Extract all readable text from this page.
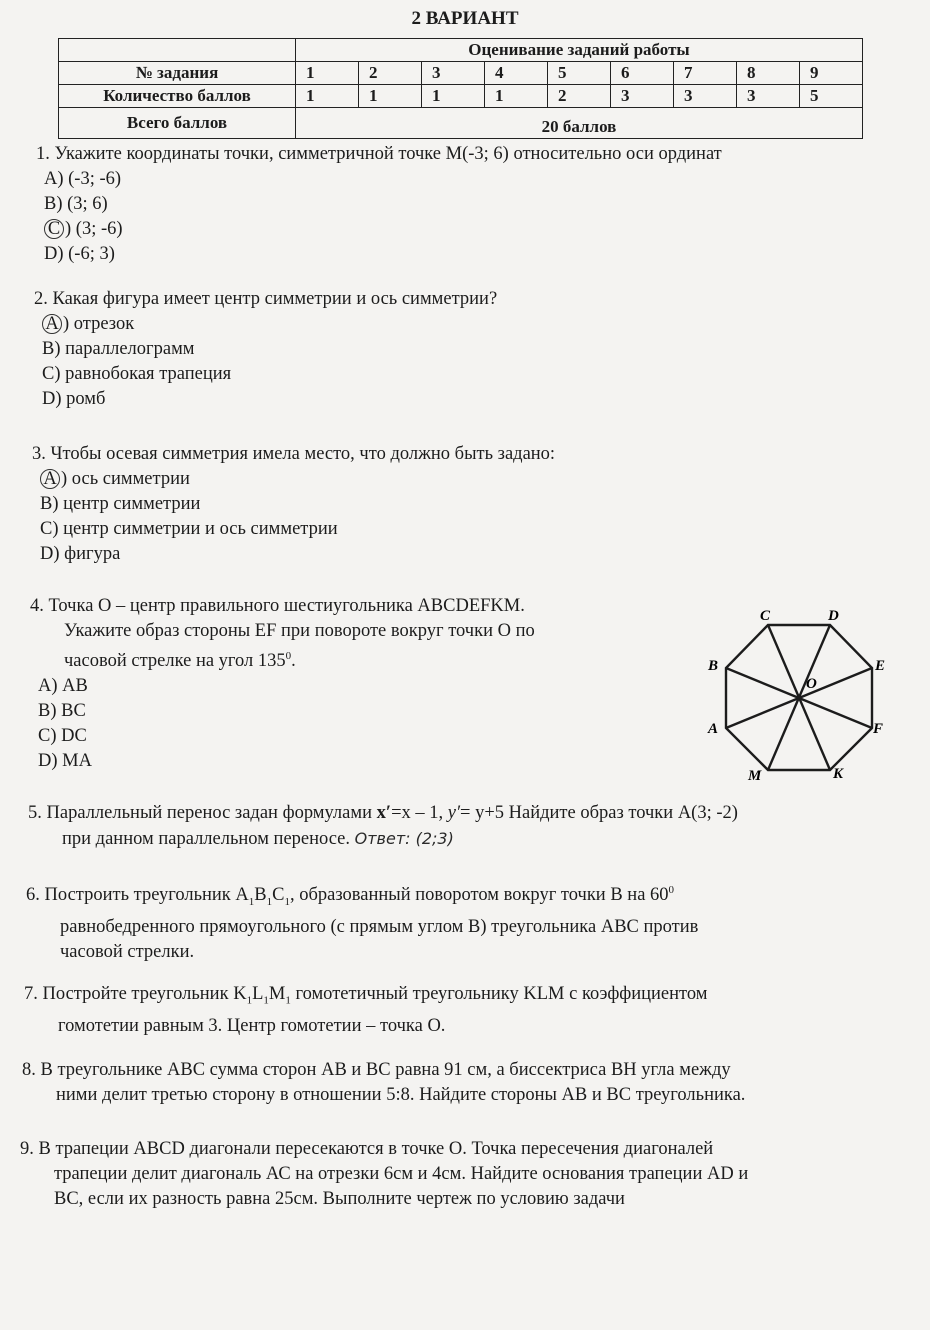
2 ВАРИАНТ
	Оценивание заданий работы								
№ задания	1	2	3	4	5	6	7	8	9
Количество баллов	1	1	1	1	2	3	3	3	5
Всего баллов	20 баллов								
1. Укажите координаты точки, симметричной точке М(-3; 6) относительно оси ординат
А) (-3; -6)
В) (3; 6)
С ) (3; -6)
D) (-6; 3)
2. Какая фигура имеет центр симметрии и ось симметрии?
А ) отрезок
В) параллелограмм
С) равнобокая трапеция
D) ромб
3. Чтобы осевая симметрия имела место, что должно быть задано:
А ) ось симметрии
В) центр симметрии
С) центр симметрии и ось симметрии
D) фигура
4. Точка О – центр правильного шестиугольника АВСDEFKМ.
Укажите образ стороны EF при повороте вокруг точки О по
часовой стрелке на угол $135^0$.
А) АВ
В) ВС
С) DC
D) МА
C	D
B	E
A	F
M	K
O
5. Параллельный перенос задан формулами x′=x – 1, y′= y+5 Найдите образ точки А(3; -2)
при данном параллельном переносе. Ответ: (2;3)
6. Построить треугольник $А_1В_1С_1$, образованный поворотом вокруг точки В на $60^0$
равнобедренного прямоугольного (с прямым углом В) треугольника АВС против
часовой стрелки.
7. Постройте треугольник $K_1L_1M_1$ гомотетичный треугольнику KLM с коэффициентом
гомотетии равным 3. Центр гомотетии – точка О.
8. В треугольнике АВС сумма сторон АВ и ВС равна 91 см, а биссектриса ВН угла между
ними делит третью сторону в отношении 5:8. Найдите стороны АВ и ВС треугольника.
9. В трапеции АВСD диагонали пересекаются в точке О. Точка пересечения диагоналей
трапеции делит диагональ АС на отрезки 6см и 4см. Найдите основания трапеции AD и
ВС, если их разность равна 25см. Выполните чертеж по условию задачи
